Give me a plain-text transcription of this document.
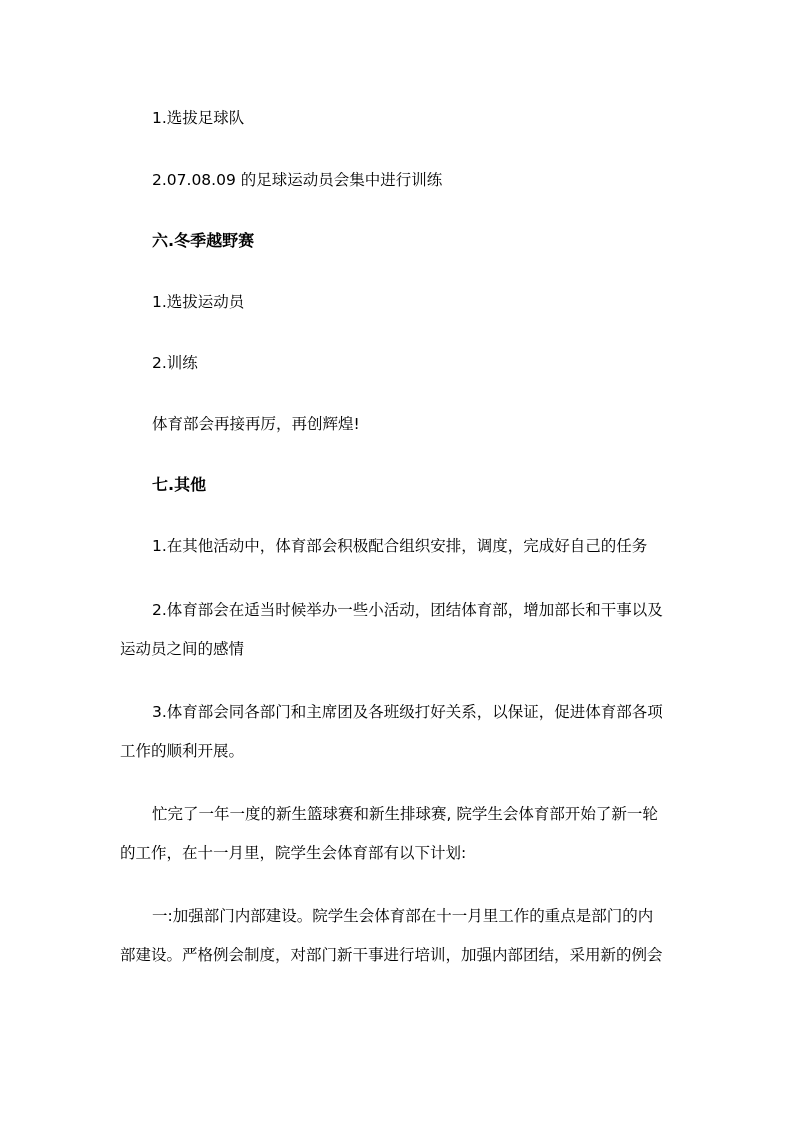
1.选拔足球队
2.07.08.09 的足球运动员会集中进行训练
六.冬季越野赛
1.选拔运动员
2.训练
体育部会再接再厉，再创辉煌!
七.其他
1.在其他活动中，体育部会积极配合组织安排，调度，完成好自己的任务
2.体育部会在适当时候举办一些小活动，团结体育部，增加部长和干事以及
运动员之间的感情
3.体育部会同各部门和主席团及各班级打好关系，以保证，促进体育部各项
工作的顺利开展。
忙完了一年一度的新生篮球赛和新生排球赛, 院学生会体育部开始了新一轮
的工作，在十一月里，院学生会体育部有以下计划:
一:加强部门内部建设。院学生会体育部在十一月里工作的重点是部门的内
部建设。严格例会制度，对部门新干事进行培训，加强内部团结，采用新的例会
